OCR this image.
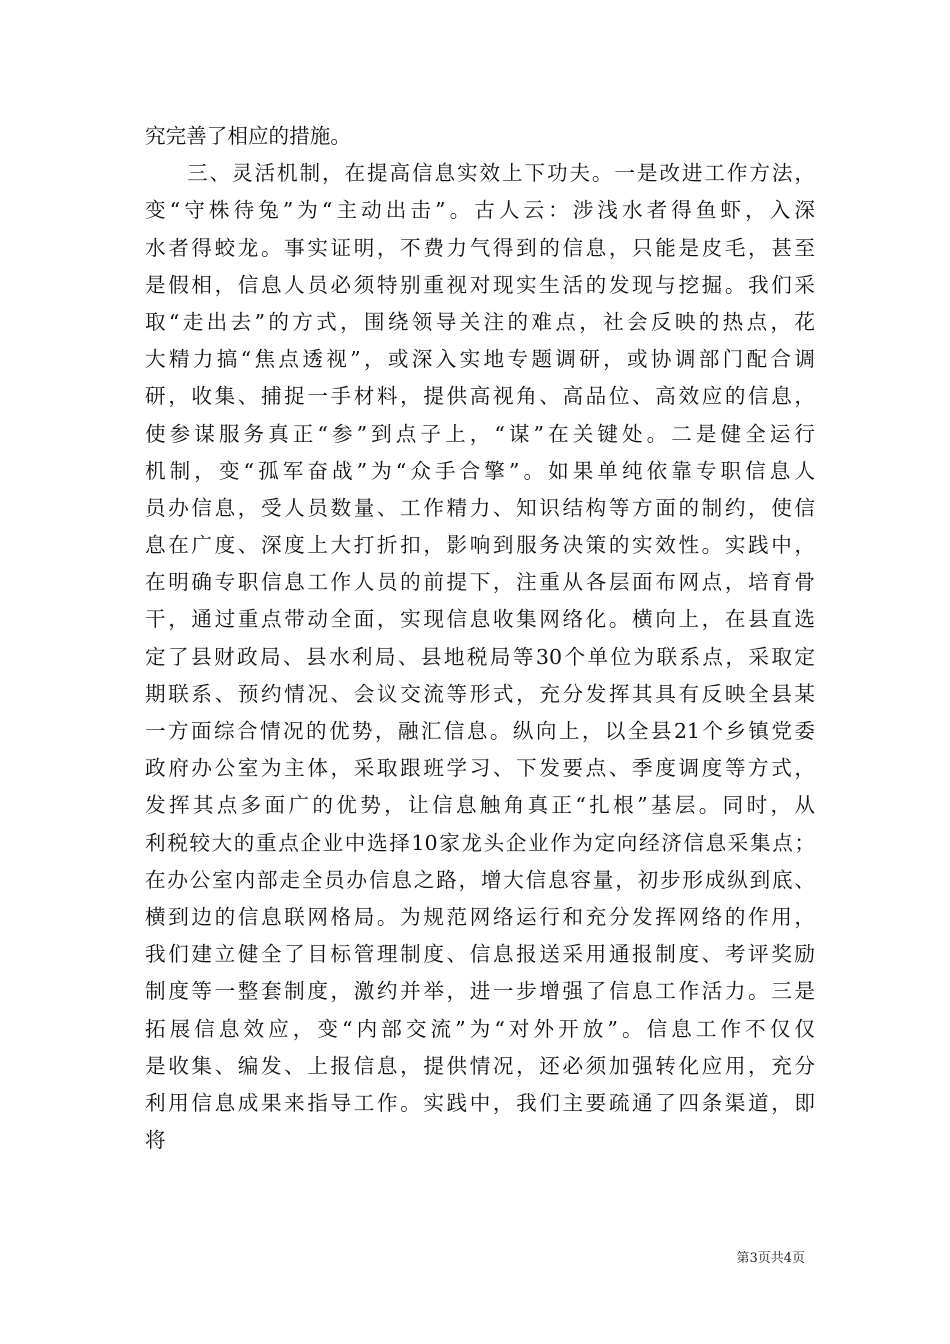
究完善了相应的措施。
三、灵活机制，在提高信息实效上下功夫。一是改进工作方法，
变“守株待兔”为“主动出击”。古人云：涉浅水者得鱼虾，入深
水者得蛟龙。事实证明，不费力气得到的信息，只能是皮毛，甚至
是假相，信息人员必须特别重视对现实生活的发现与挖掘。我们采
取“走出去”的方式，围绕领导关注的难点，社会反映的热点，花
大精力搞“焦点透视”，或深入实地专题调研，或协调部门配合调
研，收集、捕捉一手材料，提供高视角、高品位、高效应的信息，
使参谋服务真正“参”到点子上，“谋”在关键处。二是健全运行
机制，变“孤军奋战”为“众手合擎”。如果单纯依靠专职信息人
员办信息，受人员数量、工作精力、知识结构等方面的制约，使信
息在广度、深度上大打折扣，影响到服务决策的实效性。实践中，
在明确专职信息工作人员的前提下，注重从各层面布网点，培育骨
干，通过重点带动全面，实现信息收集网络化。横向上，在县直选
定了县财政局、县水利局、县地税局等30个单位为联系点，采取定
期联系、预约情况、会议交流等形式，充分发挥其具有反映全县某
一方面综合情况的优势，融汇信息。纵向上，以全县21个乡镇党委
政府办公室为主体，采取跟班学习、下发要点、季度调度等方式，
发挥其点多面广的优势，让信息触角真正“扎根”基层。同时，从
利税较大的重点企业中选择10家龙头企业作为定向经济信息采集点；
在办公室内部走全员办信息之路，增大信息容量，初步形成纵到底、
横到边的信息联网格局。为规范网络运行和充分发挥网络的作用，
我们建立健全了目标管理制度、信息报送采用通报制度、考评奖励
制度等一整套制度，激约并举，进一步增强了信息工作活力。三是
拓展信息效应，变“内部交流”为“对外开放”。信息工作不仅仅
是收集、编发、上报信息，提供情况，还必须加强转化应用，充分
利用信息成果来指导工作。实践中，我们主要疏通了四条渠道，即
将
第3页共4页
